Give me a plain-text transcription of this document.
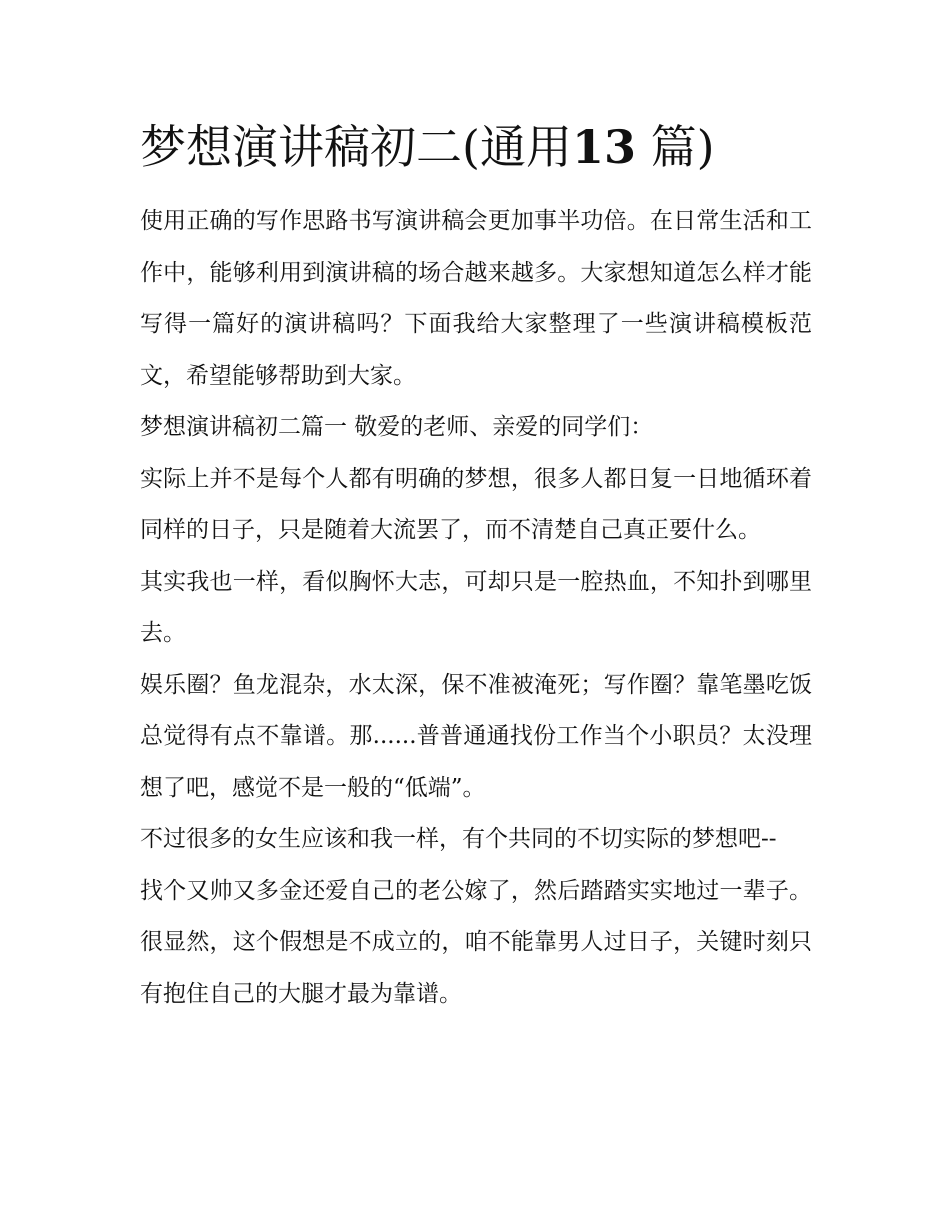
梦想演讲稿初二(通用13 篇)

使用正确的写作思路书写演讲稿会更加事半功倍。在日常生活和工作中，能够利用到演讲稿的场合越来越多。大家想知道怎么样才能写得一篇好的演讲稿吗？下面我给大家整理了一些演讲稿模板范文，希望能够帮助到大家。

梦想演讲稿初二篇一 敬爱的老师、亲爱的同学们：

实际上并不是每个人都有明确的梦想，很多人都日复一日地循环着同样的日子，只是随着大流罢了，而不清楚自己真正要什么。

其实我也一样，看似胸怀大志，可却只是一腔热血，不知扑到哪里去。

娱乐圈？鱼龙混杂，水太深，保不准被淹死；写作圈？靠笔墨吃饭总觉得有点不靠谱。那......普普通通找份工作当个小职员？太没理想了吧，感觉不是一般的“低端”。

不过很多的女生应该和我一样，有个共同的不切实际的梦想吧--

找个又帅又多金还爱自己的老公嫁了，然后踏踏实实地过一辈子。很显然，这个假想是不成立的，咱不能靠男人过日子，关键时刻只有抱住自己的大腿才最为靠谱。
